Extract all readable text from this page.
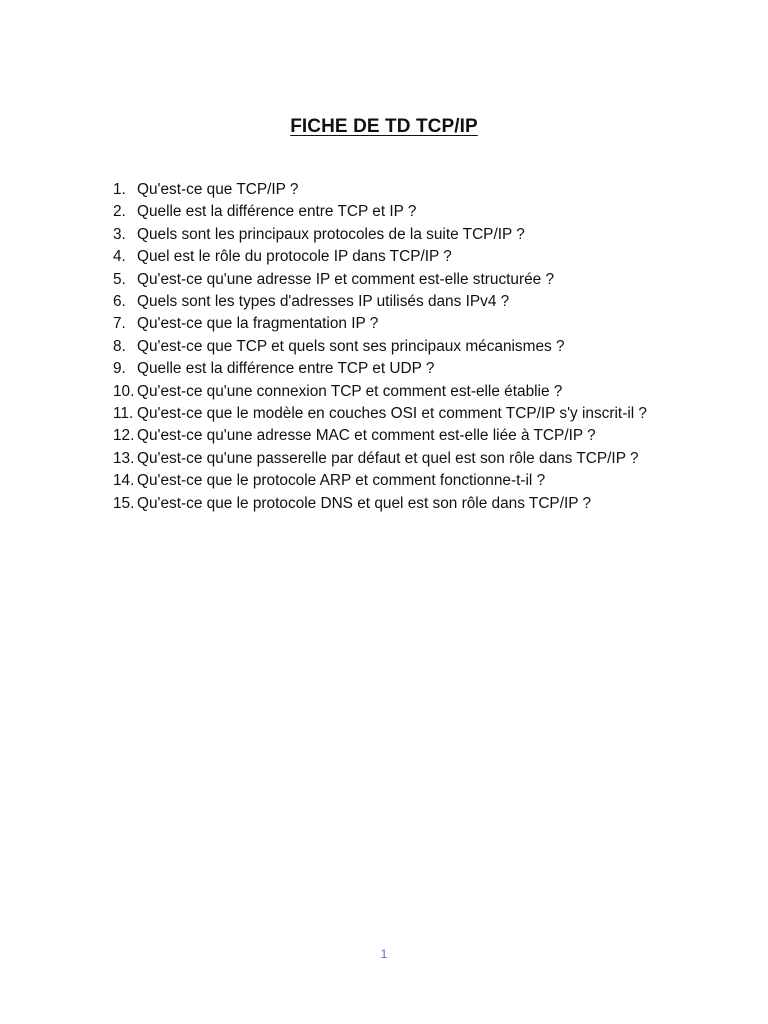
FICHE DE TD TCP/IP
1. Qu'est-ce que TCP/IP ?
2. Quelle est la différence entre TCP et IP ?
3. Quels sont les principaux protocoles de la suite TCP/IP ?
4. Quel est le rôle du protocole IP dans TCP/IP ?
5. Qu'est-ce qu'une adresse IP et comment est-elle structurée ?
6. Quels sont les types d'adresses IP utilisés dans IPv4 ?
7. Qu'est-ce que la fragmentation IP ?
8. Qu'est-ce que TCP et quels sont ses principaux mécanismes ?
9. Quelle est la différence entre TCP et UDP ?
10. Qu'est-ce qu'une connexion TCP et comment est-elle établie ?
11. Qu'est-ce que le modèle en couches OSI et comment TCP/IP s'y inscrit-il ?
12. Qu'est-ce qu'une adresse MAC et comment est-elle liée à TCP/IP ?
13. Qu'est-ce qu'une passerelle par défaut et quel est son rôle dans TCP/IP ?
14. Qu'est-ce que le protocole ARP et comment fonctionne-t-il ?
15. Qu'est-ce que le protocole DNS et quel est son rôle dans TCP/IP ?
1
